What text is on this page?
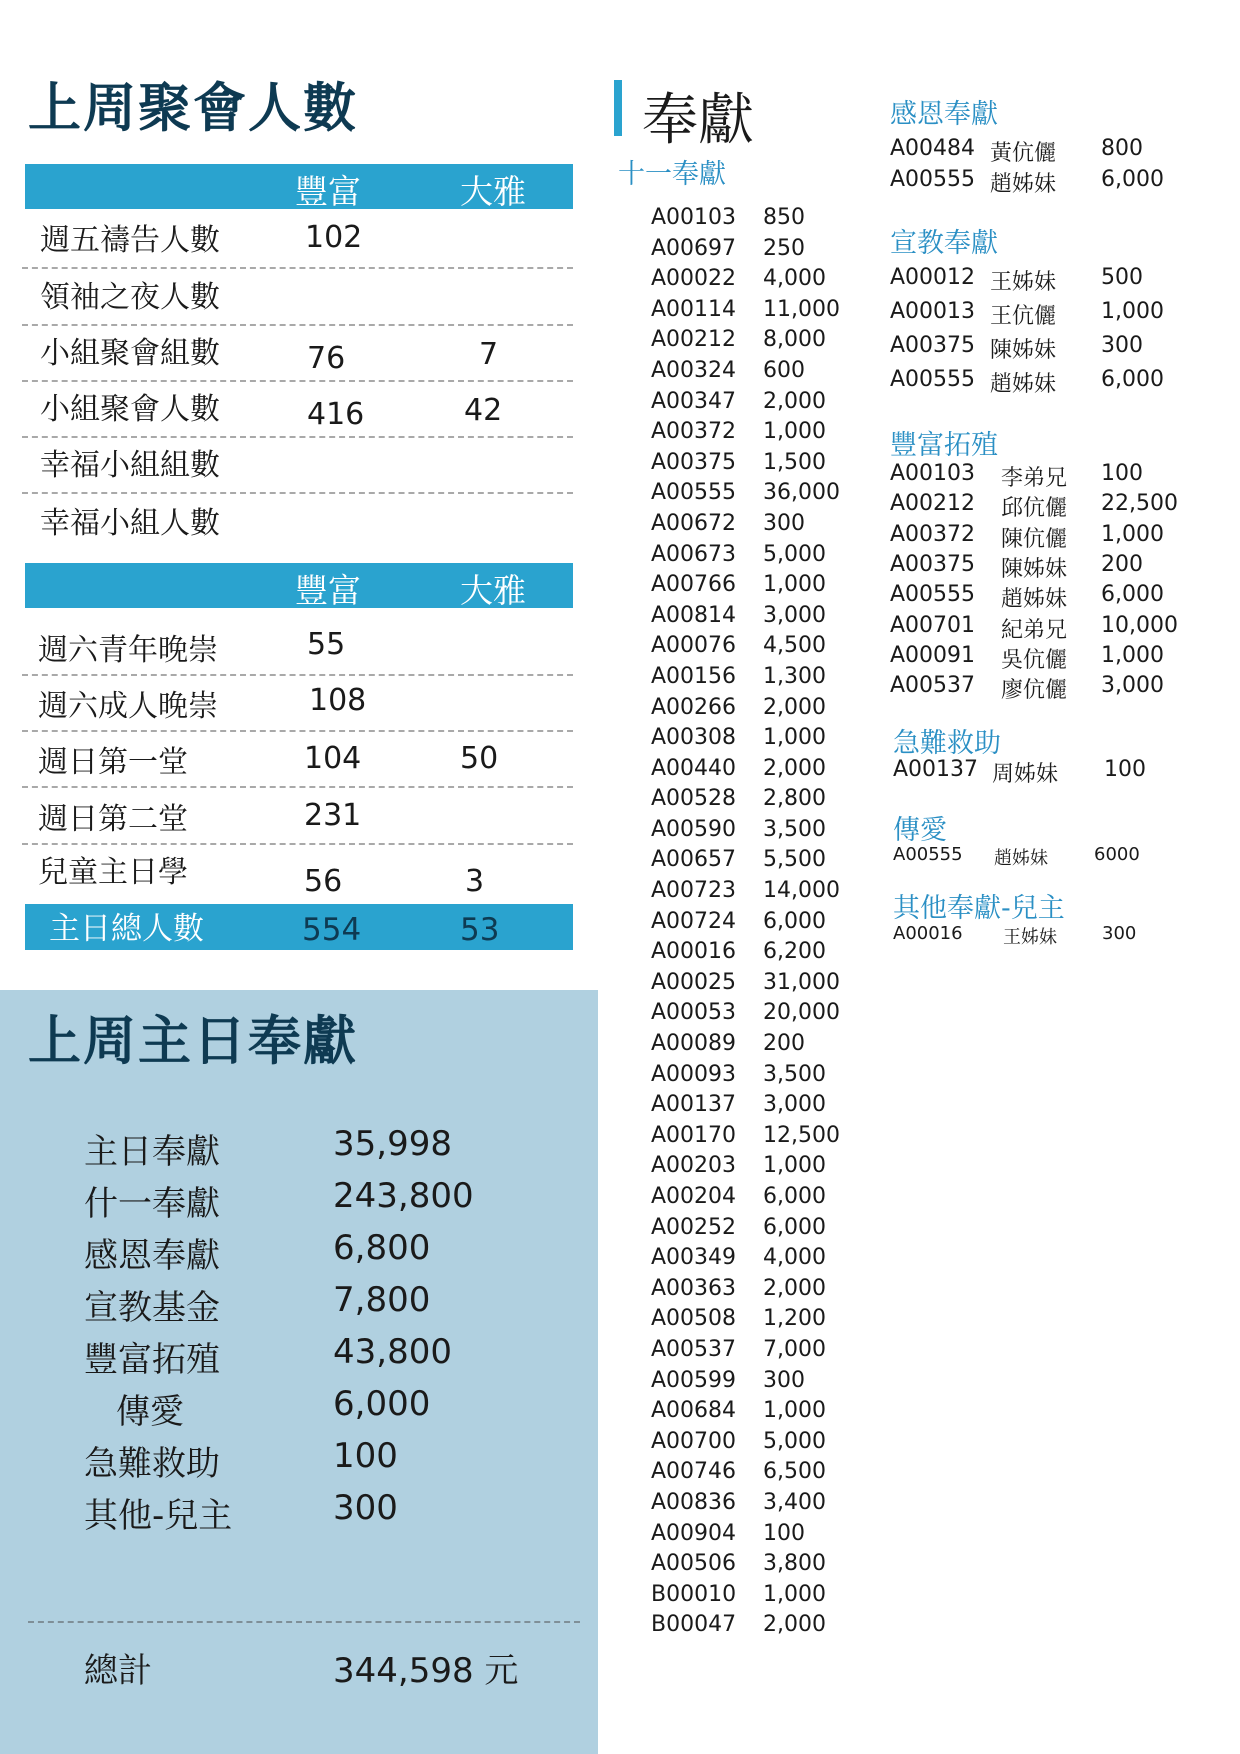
上周聚會人數
豐富	大雅
週五禱告人數	102
領袖之夜人數
小組聚會組數	76	7
小組聚會人數	416	42
幸福小組組數
幸福小組人數
豐富	大雅
週六青年晚崇	55
週六成人晚崇	108
週日第一堂	104	50
週日第二堂	231
兒童主日學	56	3
主日總人數	554	53
上周主日奉獻
主日奉獻	35,998
什一奉獻	243,800
感恩奉獻	6,800
宣教基金	7,800
豐富拓殖	43,800
傳愛	6,000
急難救助	100
其他-兒主	300
總計	344,598 元
奉獻
十一奉獻
A00103 850
A00697 250
A00022 4,000
A00114 11,000
A00212 8,000
A00324 600
A00347 2,000
A00372 1,000
A00375 1,500
A00555 36,000
A00672 300
A00673 5,000
A00766 1,000
A00814 3,000
A00076 4,500
A00156 1,300
A00266 2,000
A00308 1,000
A00440 2,000
A00528 2,800
A00590 3,500
A00657 5,500
A00723 14,000
A00724 6,000
A00016 6,200
A00025 31,000
A00053 20,000
A00089 200
A00093 3,500
A00137 3,000
A00170 12,500
A00203 1,000
A00204 6,000
A00252 6,000
A00349 4,000
A00363 2,000
A00508 1,200
A00537 7,000
A00599 300
A00684 1,000
A00700 5,000
A00746 6,500
A00836 3,400
A00904 100
A00506 3,800
B00010 1,000
B00047 2,000
感恩奉獻
A00484 黃伉儷 800
A00555 趙姊妹 6,000
宣教奉獻
A00012 王姊妹 500
A00013 王伉儷 1,000
A00375 陳姊妹 300
A00555 趙姊妹 6,000
豐富拓殖
A00103 李弟兄 100
A00212 邱伉儷 22,500
A00372 陳伉儷 1,000
A00375 陳姊妹 200
A00555 趙姊妹 6,000
A00701 紀弟兄 10,000
A00091 吳伉儷 1,000
A00537 廖伉儷 3,000
急難救助
A00137 周姊妹 100
傳愛
A00555 趙姊妹	6000
其他奉獻-兒主
A00016 王姊妹	300
